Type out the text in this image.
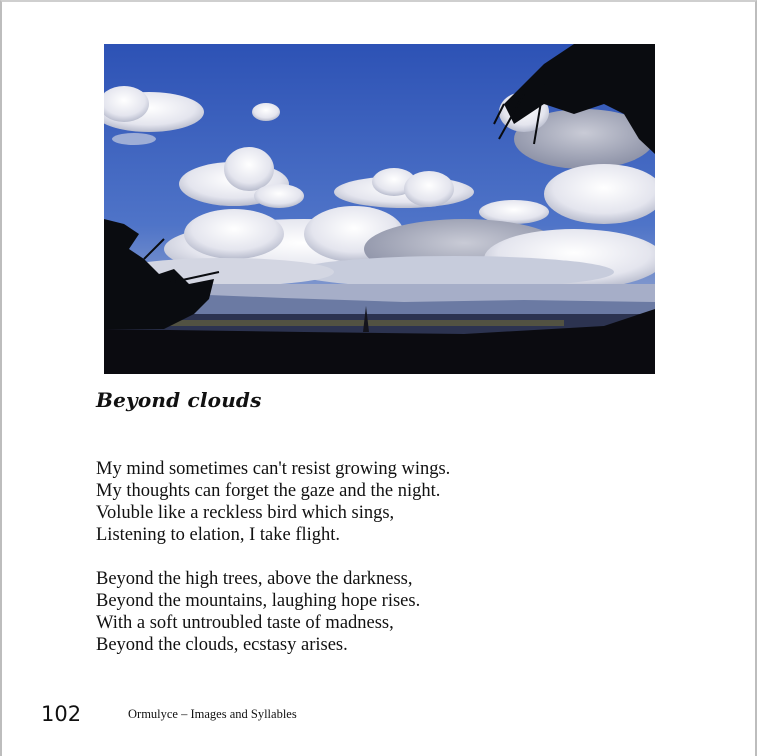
Beyond clouds
My mind sometimes can't resist growing wings.
My thoughts can forget the gaze and the night.
Voluble like a reckless bird which sings,
Listening to elation, I take flight.
Beyond the high trees, above the darkness,
Beyond the mountains, laughing hope rises.
With a soft untroubled taste of madness,
Beyond the clouds, ecstasy arises.
102	Ormulyce – Images and Syllables
